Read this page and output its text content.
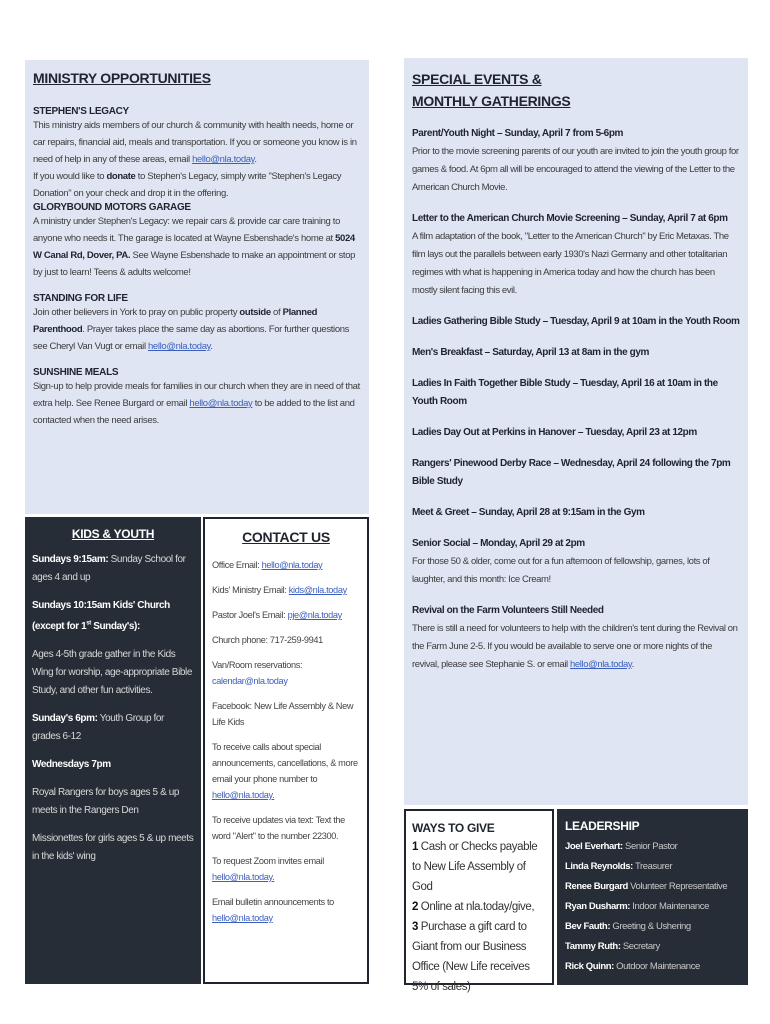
MINISTRY OPPORTUNITIES
STEPHEN'S LEGACY
This ministry aids members of our church & community with health needs, home or car repairs, financial aid, meals and transportation. If you or someone you know is in need of help in any of these areas, email hello@nla.today.
If you would like to donate to Stephen's Legacy, simply write "Stephen's Legacy Donation" on your check and drop it in the offering.
GLORYBOUND MOTORS GARAGE
A ministry under Stephen's Legacy: we repair cars & provide car care training to anyone who needs it. The garage is located at Wayne Esbenshade's home at 5024 W Canal Rd, Dover, PA. See Wayne Esbenshade to make an appointment or stop by just to learn! Teens & adults welcome!
STANDING FOR LIFE
Join other believers in York to pray on public property outside of Planned Parenthood. Prayer takes place the same day as abortions. For further questions see Cheryl Van Vugt or email hello@nla.today.
SUNSHINE MEALS
Sign-up to help provide meals for families in our church when they are in need of that extra help. See Renee Burgard or email hello@nla.today to be added to the list and contacted when the need arises.
SPECIAL EVENTS &
MONTHLY GATHERINGS
Parent/Youth Night – Sunday, April 7 from 5-6pm
Prior to the movie screening parents of our youth are invited to join the youth group for games & food. At 6pm all will be encouraged to attend the viewing of the Letter to the American Church Movie.
Letter to the American Church Movie Screening – Sunday, April 7 at 6pm
A film adaptation of the book, "Letter to the American Church" by Eric Metaxas. The film lays out the parallels between early 1930's Nazi Germany and other totalitarian regimes with what is happening in America today and how the church has been mostly silent facing this evil.
Ladies Gathering Bible Study – Tuesday, April 9 at 10am in the Youth Room
Men's Breakfast – Saturday, April 13 at 8am in the gym
Ladies In Faith Together Bible Study – Tuesday, April 16 at 10am in the Youth Room
Ladies Day Out at Perkins in Hanover – Tuesday, April 23 at 12pm
Rangers' Pinewood Derby Race – Wednesday, April 24 following the 7pm Bible Study
Meet & Greet – Sunday, April 28 at 9:15am in the Gym
Senior Social – Monday, April 29 at 2pm
For those 50 & older, come out for a fun afternoon of fellowship, games, lots of laughter, and this month: Ice Cream!
Revival on the Farm Volunteers Still Needed
There is still a need for volunteers to help with the children's tent during the Revival on the Farm June 2-5. If you would be available to serve one or more nights of the revival, please see Stephanie S. or email hello@nla.today.
KIDS & YOUTH
Sundays 9:15am: Sunday School for ages 4 and up
Sundays 10:15am Kids' Church (except for 1st Sunday's):
Ages 4-5th grade gather in the Kids Wing for worship, age-appropriate Bible Study, and other fun activities.
Sunday's 6pm: Youth Group for grades 6-12
Wednesdays 7pm
Royal Rangers for boys ages 5 & up meets in the Rangers Den
Missionettes for girls ages 5 & up meets in the kids' wing
CONTACT US
Office Email: hello@nla.today
Kids' Ministry Email: kids@nla.today
Pastor Joel's Email: pje@nla.today
Church phone: 717-259-9941
Van/Room reservations:
calendar@nla.today
Facebook: New Life Assembly & New Life Kids
To receive calls about special announcements, cancellations, & more email your phone number to
hello@nla.today.
To receive updates via text: Text the word "Alert" to the number 22300.
To request Zoom invites email
hello@nla.today.
Email bulletin announcements to
hello@nla.today
WAYS TO GIVE
1 Cash or Checks payable to New Life Assembly of God
2 Online at nla.today/give,
3 Purchase a gift card to Giant from our Business Office (New Life receives 5% of sales)
LEADERSHIP
Joel Everhart: Senior Pastor
Linda Reynolds: Treasurer
Renee Burgard Volunteer Representative
Ryan Dusharm: Indoor Maintenance
Bev Fauth: Greeting & Ushering
Tammy Ruth: Secretary
Rick Quinn: Outdoor Maintenance
